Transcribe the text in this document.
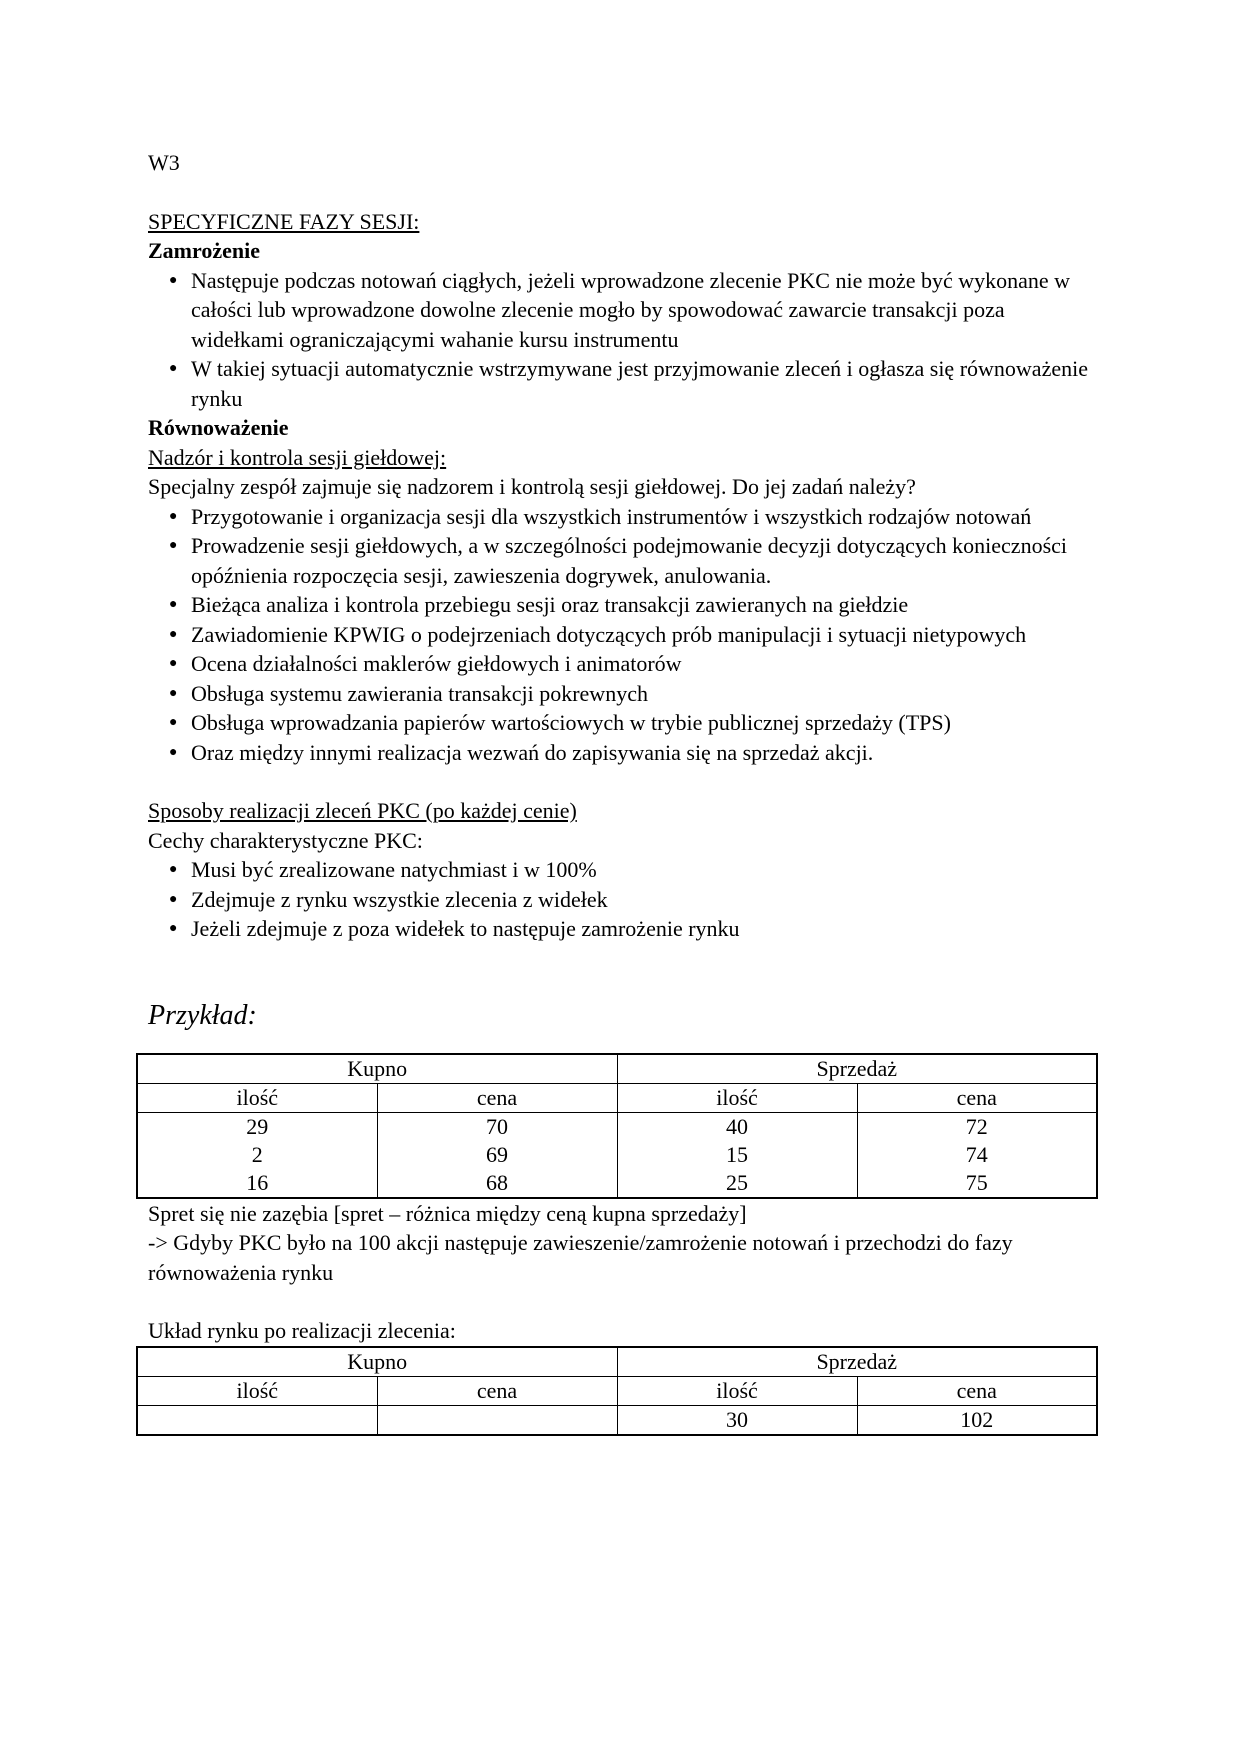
W3
SPECYFICZNE FAZY SESJI:
Zamrożenie
● Następuje podczas notowań ciągłych, jeżeli wprowadzone zlecenie PKC nie może być wykonane w całości lub wprowadzone dowolne zlecenie mogło by spowodować zawarcie transakcji poza widełkami ograniczającymi wahanie kursu instrumentu
● W takiej sytuacji automatycznie wstrzymywane jest przyjmowanie zleceń i ogłasza się równoważenie rynku
Równoważenie
Nadzór i kontrola sesji giełdowej:
Specjalny zespół zajmuje się nadzorem i kontrolą sesji giełdowej. Do jej zadań należy?
● Przygotowanie i organizacja sesji dla wszystkich instrumentów i wszystkich rodzajów notowań
● Prowadzenie sesji giełdowych, a w szczególności podejmowanie decyzji dotyczących konieczności opóźnienia rozpoczęcia sesji, zawieszenia dogrywek, anulowania.
● Bieżąca analiza i kontrola przebiegu sesji oraz transakcji zawieranych na giełdzie
● Zawiadomienie KPWIG o podejrzeniach dotyczących prób manipulacji i sytuacji nietypowych
● Ocena działalności maklerów giełdowych i animatorów
● Obsługa systemu zawierania transakcji pokrewnych
● Obsługa wprowadzania papierów wartościowych w trybie publicznej sprzedaży (TPS)
● Oraz między innymi realizacja wezwań do zapisywania się na sprzedaż akcji.
Sposoby realizacji zleceń PKC (po każdej cenie)
Cechy charakterystyczne PKC:
● Musi być zrealizowane natychmiast i w 100%
● Zdejmuje z rynku wszystkie zlecenia z widełek
● Jeżeli zdejmuje z poza widełek to następuje zamrożenie rynku
Przykład:
Kupno		Sprzedaż	
ilość	cena	ilość	cena
29	70	40	72
2	69	15	74
16	68	25	75
Spret się nie zazębia [spret – różnica między ceną kupna sprzedaży]
-> Gdyby PKC było na 100 akcji następuje zawieszenie/zamrożenie notowań i przechodzi do fazy równoważenia rynku
Układ rynku po realizacji zlecenia:
Kupno		Sprzedaż	
ilość	cena	ilość	cena
		30	102
